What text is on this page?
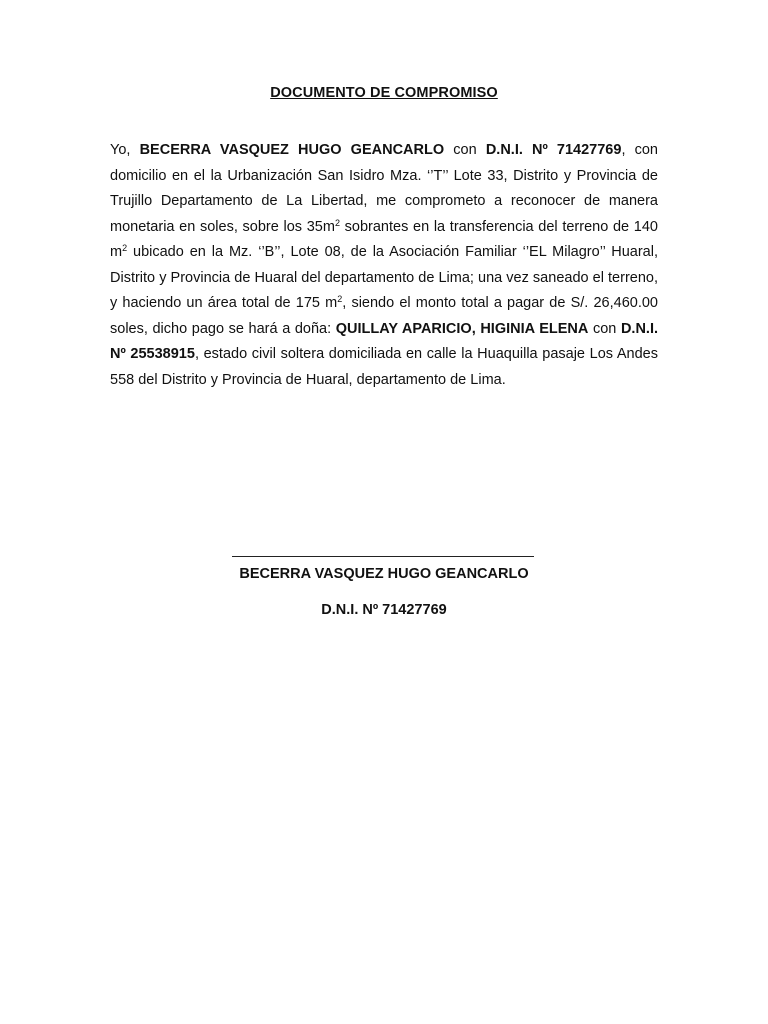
DOCUMENTO DE COMPROMISO

Yo, BECERRA VASQUEZ HUGO GEANCARLO con D.N.I. Nº 71427769, con domicilio en el la Urbanización San Isidro Mza. ‘’T’’ Lote 33, Distrito y Provincia de Trujillo Departamento de La Libertad, me comprometo a reconocer de manera monetaria en soles, sobre los $35m^2$ sobrantes en la transferencia del terreno de 140 $m^2$ ubicado en la Mz. ‘’B’’, Lote 08, de la Asociación Familiar ‘’EL Milagro’’ Huaral, Distrito y Provincia de Huaral del departamento de Lima; una vez saneado el terreno, y haciendo un área total de 175 $m^2$, siendo el monto total a pagar de S/. 26,460.00 soles, dicho pago se hará a doña: QUILLAY APARICIO, HIGINIA ELENA con D.N.I. Nº 25538915, estado civil soltera domiciliada en calle la Huaquilla pasaje Los Andes 558 del Distrito y Provincia de Huaral, departamento de Lima.

BECERRA VASQUEZ HUGO GEANCARLO
D.N.I. Nº 71427769
